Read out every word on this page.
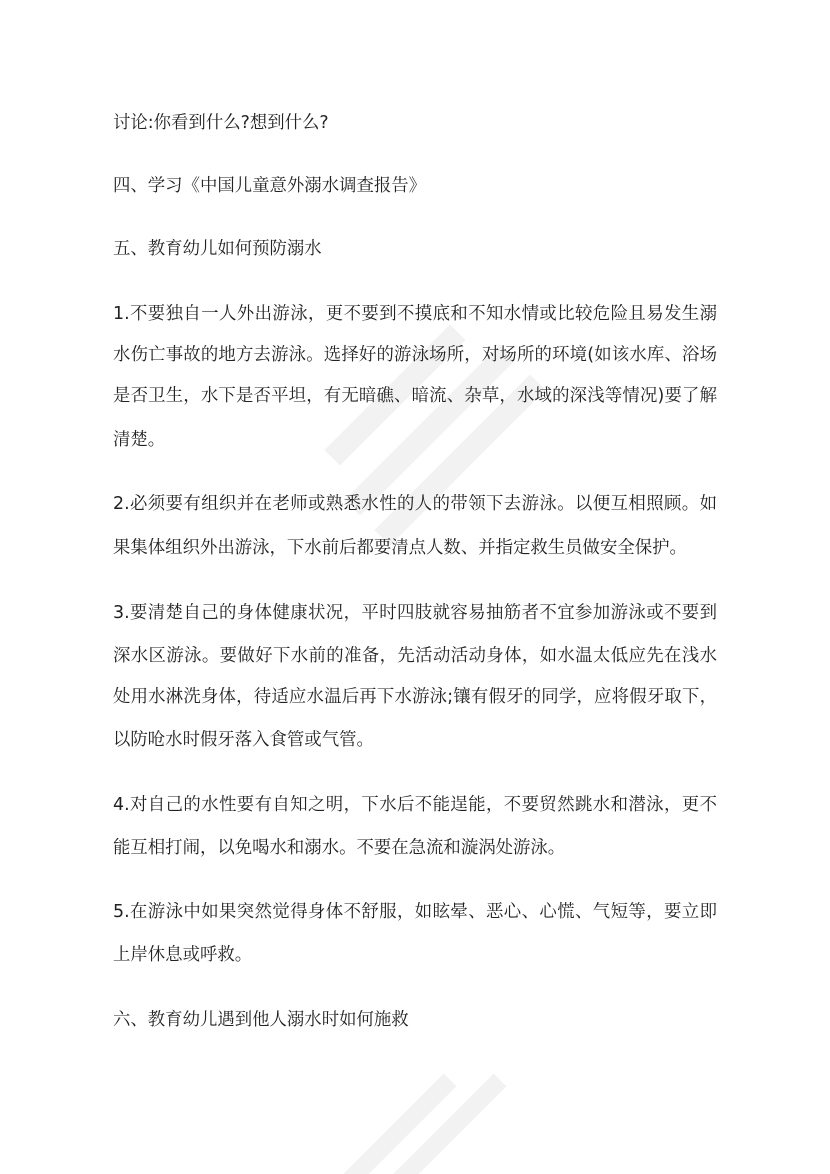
讨论:你看到什么?想到什么?
四、学习《中国儿童意外溺水调查报告》
五、教育幼儿如何预防溺水
1.不要独自一人外出游泳，更不要到不摸底和不知水情或比较危险且易发生溺
水伤亡事故的地方去游泳。选择好的游泳场所，对场所的环境(如该水库、浴场
是否卫生，水下是否平坦，有无暗礁、暗流、杂草，水域的深浅等情况)要了解
清楚。
2.必须要有组织并在老师或熟悉水性的人的带领下去游泳。以便互相照顾。如
果集体组织外出游泳，下水前后都要清点人数、并指定救生员做安全保护。
3.要清楚自己的身体健康状况，平时四肢就容易抽筋者不宜参加游泳或不要到
深水区游泳。要做好下水前的准备，先活动活动身体，如水温太低应先在浅水
处用水淋洗身体，待适应水温后再下水游泳;镶有假牙的同学，应将假牙取下，
以防呛水时假牙落入食管或气管。
4.对自己的水性要有自知之明，下水后不能逞能，不要贸然跳水和潜泳，更不
能互相打闹，以免喝水和溺水。不要在急流和漩涡处游泳。
5.在游泳中如果突然觉得身体不舒服，如眩晕、恶心、心慌、气短等，要立即
上岸休息或呼救。
六、教育幼儿遇到他人溺水时如何施救
